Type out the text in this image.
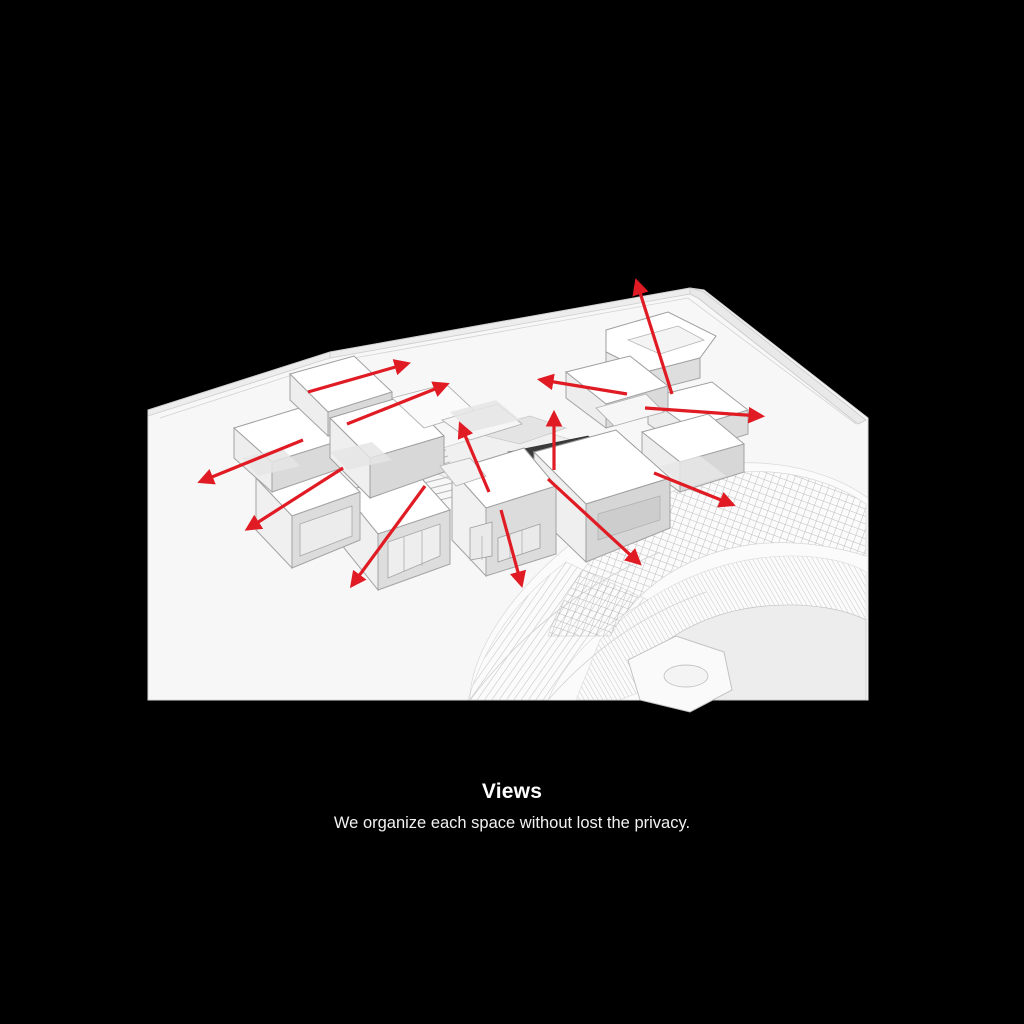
Views
We organize each space without lost the privacy.
